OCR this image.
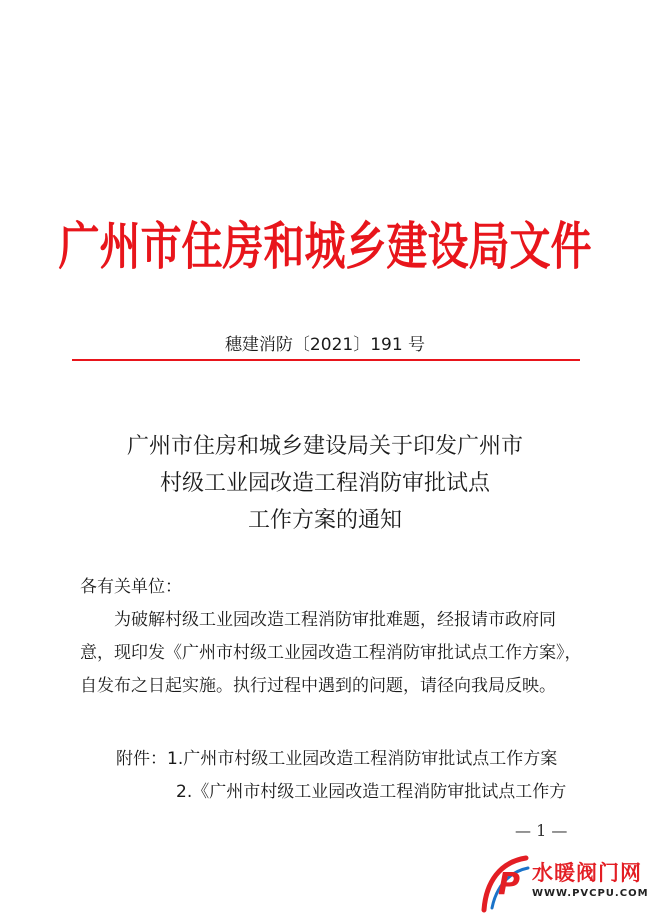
广州市住房和城乡建设局文件
穗建消防〔2021〕191 号
广州市住房和城乡建设局关于印发广州市
村级工业园改造工程消防审批试点
工作方案的通知
各有关单位：
为破解村级工业园改造工程消防审批难题，经报请市政府同
意，现印发《广州市村级工业园改造工程消防审批试点工作方案》，
自发布之日起实施。执行过程中遇到的问题，请径向我局反映。
附件：1.广州市村级工业园改造工程消防审批试点工作方案
2.《广州市村级工业园改造工程消防审批试点工作方
— 1 —
P 水暖阀门网
WWW.PVCPU.COM
